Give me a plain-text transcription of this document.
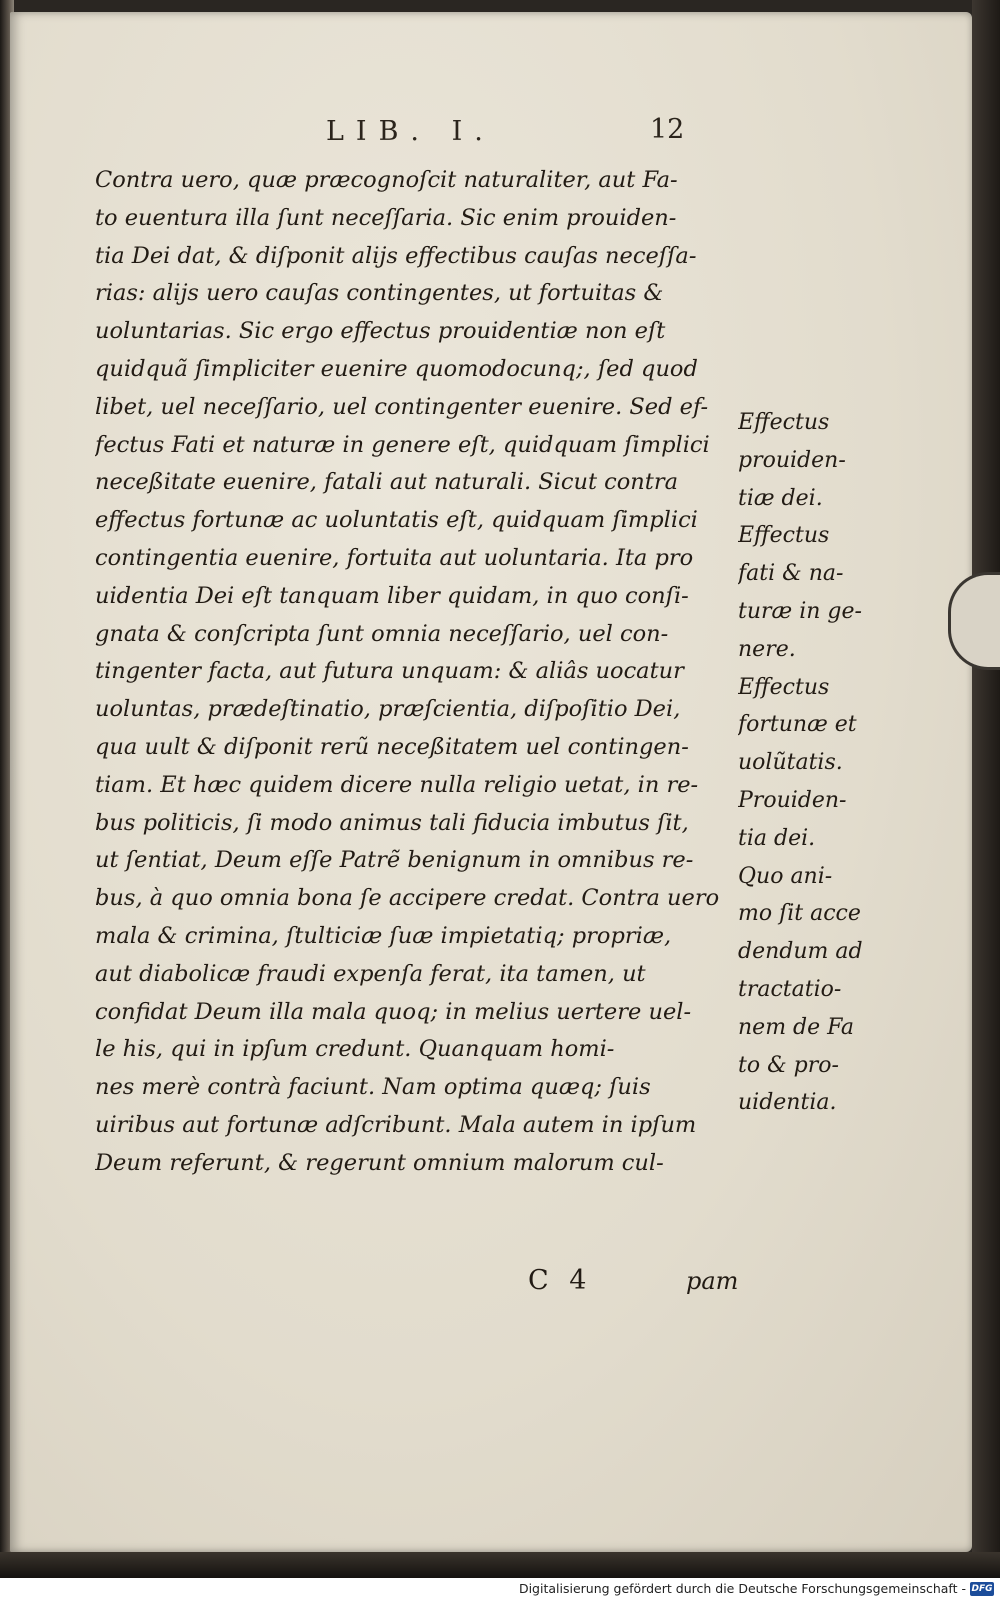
LIB. I.	12
Contra uero, quæ præcognoſcit naturaliter, aut Fa-
to euentura illa ſunt neceſſaria. Sic enim prouiden-
tia Dei dat, & diſponit alijs effectibus cauſas neceſſa-
rias: alijs uero cauſas contingentes, ut fortuitas &
uoluntarias. Sic ergo effectus prouidentiæ non eſt
quidquã ſimpliciter euenire quomodocunq;, ſed quod
libet, uel neceſſario, uel contingenter euenire. Sed ef-
fectus Fati et naturæ in genere eſt, quidquam ſimplici
neceßitate euenire, fatali aut naturali. Sicut contra
effectus fortunæ ac uoluntatis eſt, quidquam ſimplici
contingentia euenire, fortuita aut uoluntaria. Ita pro
uidentia Dei eſt tanquam liber quidam, in quo conſi-
gnata & conſcripta ſunt omnia neceſſario, uel con-
tingenter facta, aut futura unquam: & aliâs uocatur
uoluntas, prædeſtinatio, præſcientia, diſpoſitio Dei,
qua uult & diſponit rerũ neceßitatem uel contingen-
tiam. Et hæc quidem dicere nulla religio uetat, in re-
bus politicis, ſi modo animus tali fiducia imbutus ſit,
ut ſentiat, Deum eſſe Patrẽ benignum in omnibus re-
bus, à quo omnia bona ſe accipere credat. Contra uero
mala & crimina, ſtulticiæ ſuæ impietatiq; propriæ,
aut diabolicæ fraudi expenſa ferat, ita tamen, ut
confidat Deum illa mala quoq; in melius uertere uel-
le his, qui in ipſum credunt. Quanquam homi-
nes merè contrà faciunt. Nam optima quæq; ſuis
uiribus aut fortunæ adſcribunt. Mala autem in ipſum
Deum referunt, & regerunt omnium malorum cul-
Effectus
prouiden-
tiæ dei.
Effectus
fati & na-
turæ in ge-
nere.
Effectus
fortunæ et
uolũtatis.
Prouiden-
tia dei.
Quo ani-
mo ſit acce
dendum ad
tractatio-
nem de Fa
to & pro-
uidentia.
C 4	pam
Digitalisierung gefördert durch die Deutsche Forschungsgemeinschaft - DFG
